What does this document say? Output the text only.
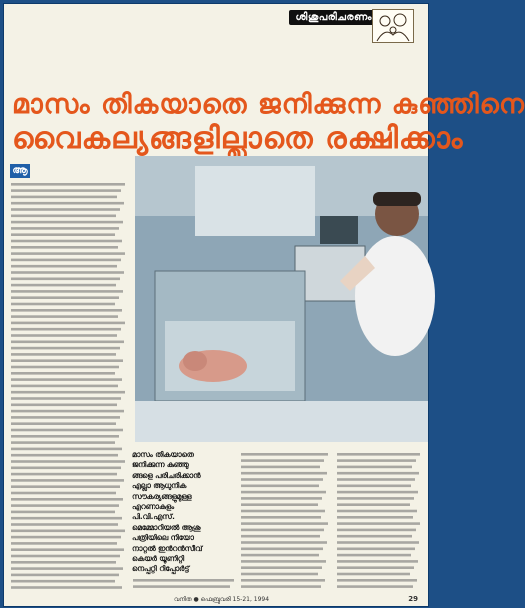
ശിശുപരിചരണം
മാസം തികയാതെ ജനിക്കുന്ന കുഞ്ഞിനെ
വൈകല്യങ്ങളില്ലാതെ രക്ഷിക്കാം
ആ
മാസം തികയാതെ
ജനിക്കുന്ന കുഞ്ഞു
ങ്ങളെ പരിചരിക്കാൻ
എല്ലാ ആധുനിക
സൗകര്യങ്ങളുമുള്ള
എറണാകുളം
പി.വി.എസ്.
മെമ്മോറിയൽ ആശു
പത്രിയിലെ നിയോ
നാറ്റൽ ഇൻറൻസീവ്
കെയർ യൂണിറ്റി
നെപ്പറ്റി റിപ്പോർട്ട്
വനിത ● ഫെബ്രുവരി 15-21, 1994	29
